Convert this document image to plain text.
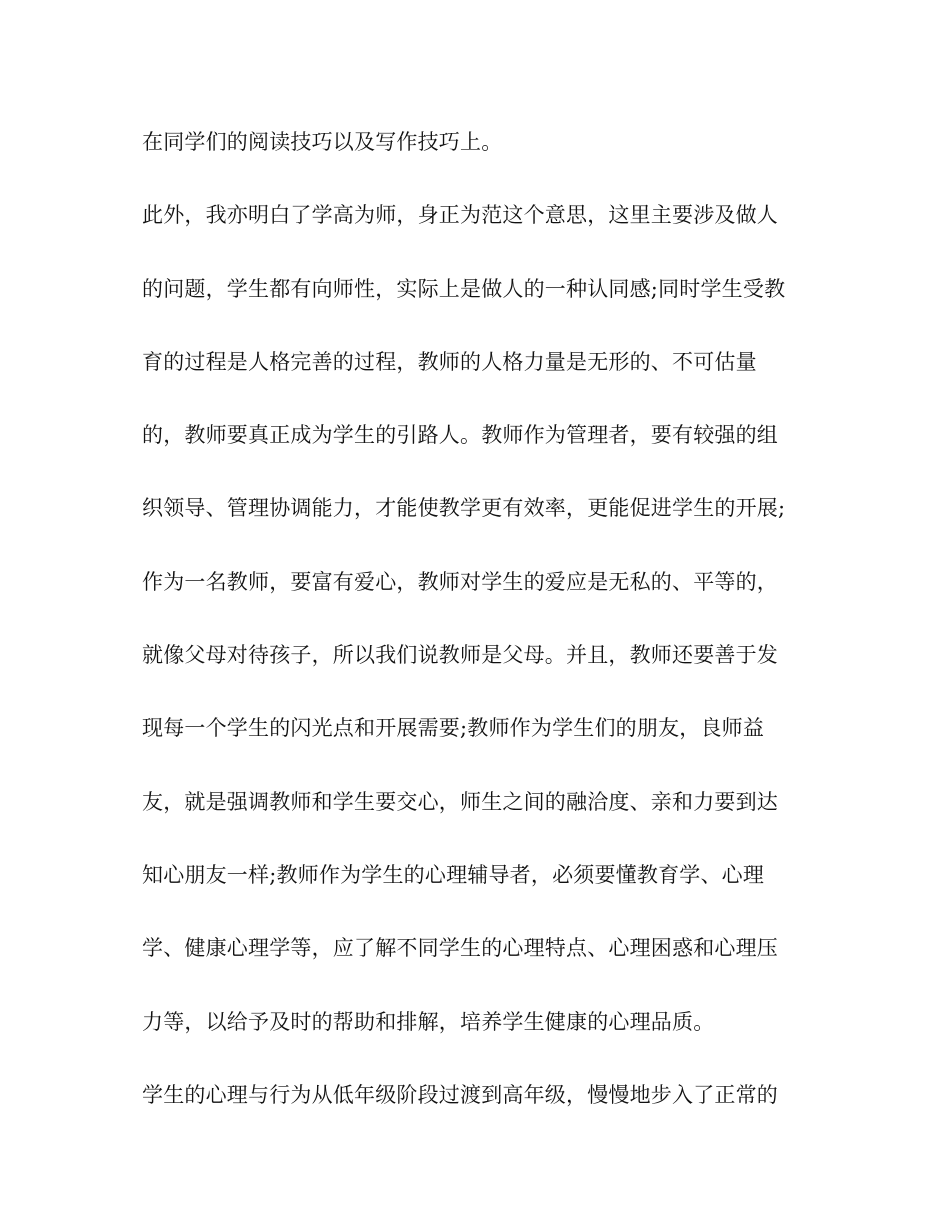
在同学们的阅读技巧以及写作技巧上。
此外，我亦明白了学高为师，身正为范这个意思，这里主要涉及做人
的问题，学生都有向师性，实际上是做人的一种认同感;同时学生受教
育的过程是人格完善的过程，教师的人格力量是无形的、不可估量
的，教师要真正成为学生的引路人。教师作为管理者，要有较强的组
织领导、管理协调能力，才能使教学更有效率，更能促进学生的开展;
作为一名教师，要富有爱心，教师对学生的爱应是无私的、平等的，
就像父母对待孩子，所以我们说教师是父母。并且，教师还要善于发
现每一个学生的闪光点和开展需要;教师作为学生们的朋友，良师益
友，就是强调教师和学生要交心，师生之间的融洽度、亲和力要到达
知心朋友一样;教师作为学生的心理辅导者，必须要懂教育学、心理
学、健康心理学等，应了解不同学生的心理特点、心理困惑和心理压
力等，以给予及时的帮助和排解，培养学生健康的心理品质。
学生的心理与行为从低年级阶段过渡到高年级，慢慢地步入了正常的
